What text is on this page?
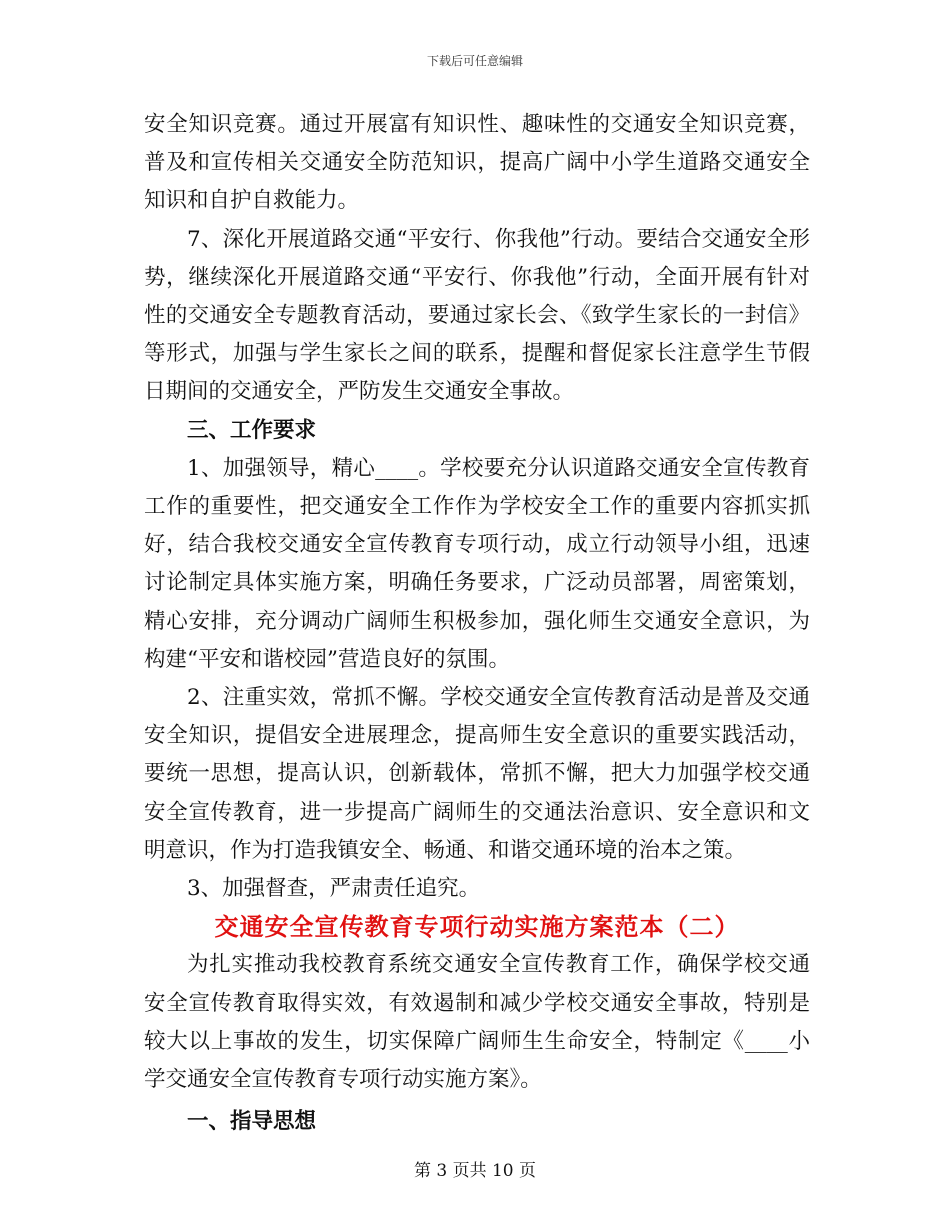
下载后可任意编辑

安全知识竞赛。通过开展富有知识性、趣味性的交通安全知识竞赛，普及和宣传相关交通安全防范知识，提高广阔中小学生道路交通安全知识和自护自救能力。

7、深化开展道路交通“平安行、你我他”行动。要结合交通安全形势，继续深化开展道路交通“平安行、你我他”行动，全面开展有针对性的交通安全专题教育活动，要通过家长会、《致学生家长的一封信》等形式，加强与学生家长之间的联系，提醒和督促家长注意学生节假日期间的交通安全，严防发生交通安全事故。

三、工作要求

1、加强领导，精心____。学校要充分认识道路交通安全宣传教育工作的重要性，把交通安全工作作为学校安全工作的重要内容抓实抓好，结合我校交通安全宣传教育专项行动，成立行动领导小组，迅速讨论制定具体实施方案，明确任务要求，广泛动员部署，周密策划，精心安排，充分调动广阔师生积极参加，强化师生交通安全意识，为构建“平安和谐校园”营造良好的氛围。

2、注重实效，常抓不懈。学校交通安全宣传教育活动是普及交通安全知识，提倡安全进展理念，提高师生安全意识的重要实践活动，要统一思想，提高认识，创新载体，常抓不懈，把大力加强学校交通安全宣传教育，进一步提高广阔师生的交通法治意识、安全意识和文明意识，作为打造我镇安全、畅通、和谐交通环境的治本之策。

3、加强督查，严肃责任追究。

交通安全宣传教育专项行动实施方案范本（二）

为扎实推动我校教育系统交通安全宣传教育工作，确保学校交通安全宣传教育取得实效，有效遏制和减少学校交通安全事故，特别是较大以上事故的发生，切实保障广阔师生生命安全，特制定《____小学交通安全宣传教育专项行动实施方案》。

一、指导思想

第 3 页共 10 页
